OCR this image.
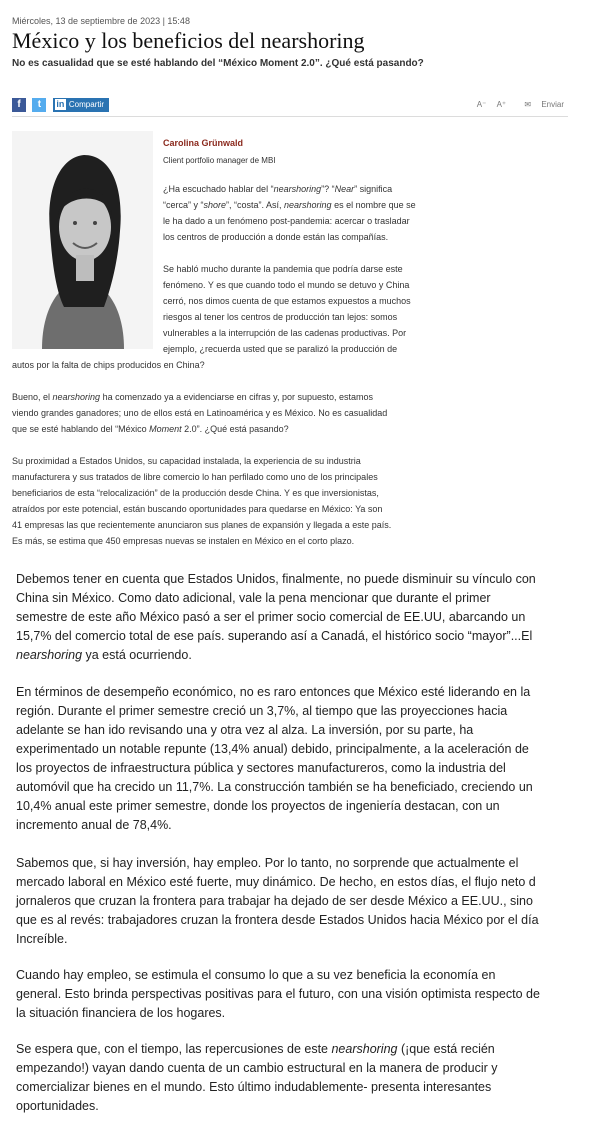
Miércoles, 13 de septiembre de 2023 | 15:48
México y los beneficios del nearshoring
No es casualidad que se esté hablando del “México Moment 2.0”. ¿Qué está pasando?
f t in Compartir	A⁻ A⁺ ✉ Enviar
Carolina Grünwald
Client portfolio manager de MBI

¿Ha escuchado hablar del “nearshoring”? “Near” significa
“cerca” y “shore”, “costa”. Así, nearshoring es el nombre que se
le ha dado a un fenómeno post-pandemia: acercar o trasladar
los centros de producción a donde están las compañías.

Se habló mucho durante la pandemia que podría darse este
fenómeno. Y es que cuando todo el mundo se detuvo y China
cerró, nos dimos cuenta de que estamos expuestos a muchos
riesgos al tener los centros de producción tan lejos: somos
vulnerables a la interrupción de las cadenas productivas. Por
ejemplo, ¿recuerda usted que se paralizó la producción de

autos por la falta de chips producidos en China?

Bueno, el nearshoring ha comenzado ya a evidenciarse en cifras y, por supuesto, estamos
viendo grandes ganadores; uno de ellos está en Latinoamérica y es México. No es casualidad
que se esté hablando del “México Moment 2.0”. ¿Qué está pasando?

Su proximidad a Estados Unidos, su capacidad instalada, la experiencia de su industria
manufacturera y sus tratados de libre comercio lo han perfilado como uno de los principales
beneficiarios de esta “relocalización” de la producción desde China. Y es que inversionistas,
atraídos por este potencial, están buscando oportunidades para quedarse en México: Ya son
41 empresas las que recientemente anunciaron sus planes de expansión y llegada a este país.
Es más, se estima que 450 empresas nuevas se instalen en México en el corto plazo.

Debemos tener en cuenta que Estados Unidos, finalmente, no puede disminuir su vínculo con
China sin México. Como dato adicional, vale la pena mencionar que durante el primer
semestre de este año México pasó a ser el primer socio comercial de EE.UU, abarcando un
15,7% del comercio total de ese país. superando así a Canadá, el histórico socio “mayor”...El
nearshoring ya está ocurriendo.

En términos de desempeño económico, no es raro entonces que México esté liderando en la
región. Durante el primer semestre creció un 3,7%, al tiempo que las proyecciones hacia
adelante se han ido revisando una y otra vez al alza. La inversión, por su parte, ha
experimentado un notable repunte (13,4% anual) debido, principalmente, a la aceleración de
los proyectos de infraestructura pública y sectores manufactureros, como la industria del
automóvil que ha crecido un 11,7%. La construcción también se ha beneficiado, creciendo un
10,4% anual este primer semestre, donde los proyectos de ingeniería destacan, con un
incremento anual de 78,4%.

Sabemos que, si hay inversión, hay empleo. Por lo tanto, no sorprende que actualmente el
mercado laboral en México esté fuerte, muy dinámico. De hecho, en estos días, el flujo neto d
jornaleros que cruzan la frontera para trabajar ha dejado de ser desde México a EE.UU., sino
que es al revés: trabajadores cruzan la frontera desde Estados Unidos hacia México por el día
Increíble.

Cuando hay empleo, se estimula el consumo lo que a su vez beneficia la economía en
general. Esto brinda perspectivas positivas para el futuro, con una visión optimista respecto de
la situación financiera de los hogares.

Se espera que, con el tiempo, las repercusiones de este nearshoring (¡que está recién
empezando!) vayan dando cuenta de un cambio estructural en la manera de producir y
comercializar bienes en el mundo. Esto último indudablemente- presenta interesantes
oportunidades.
